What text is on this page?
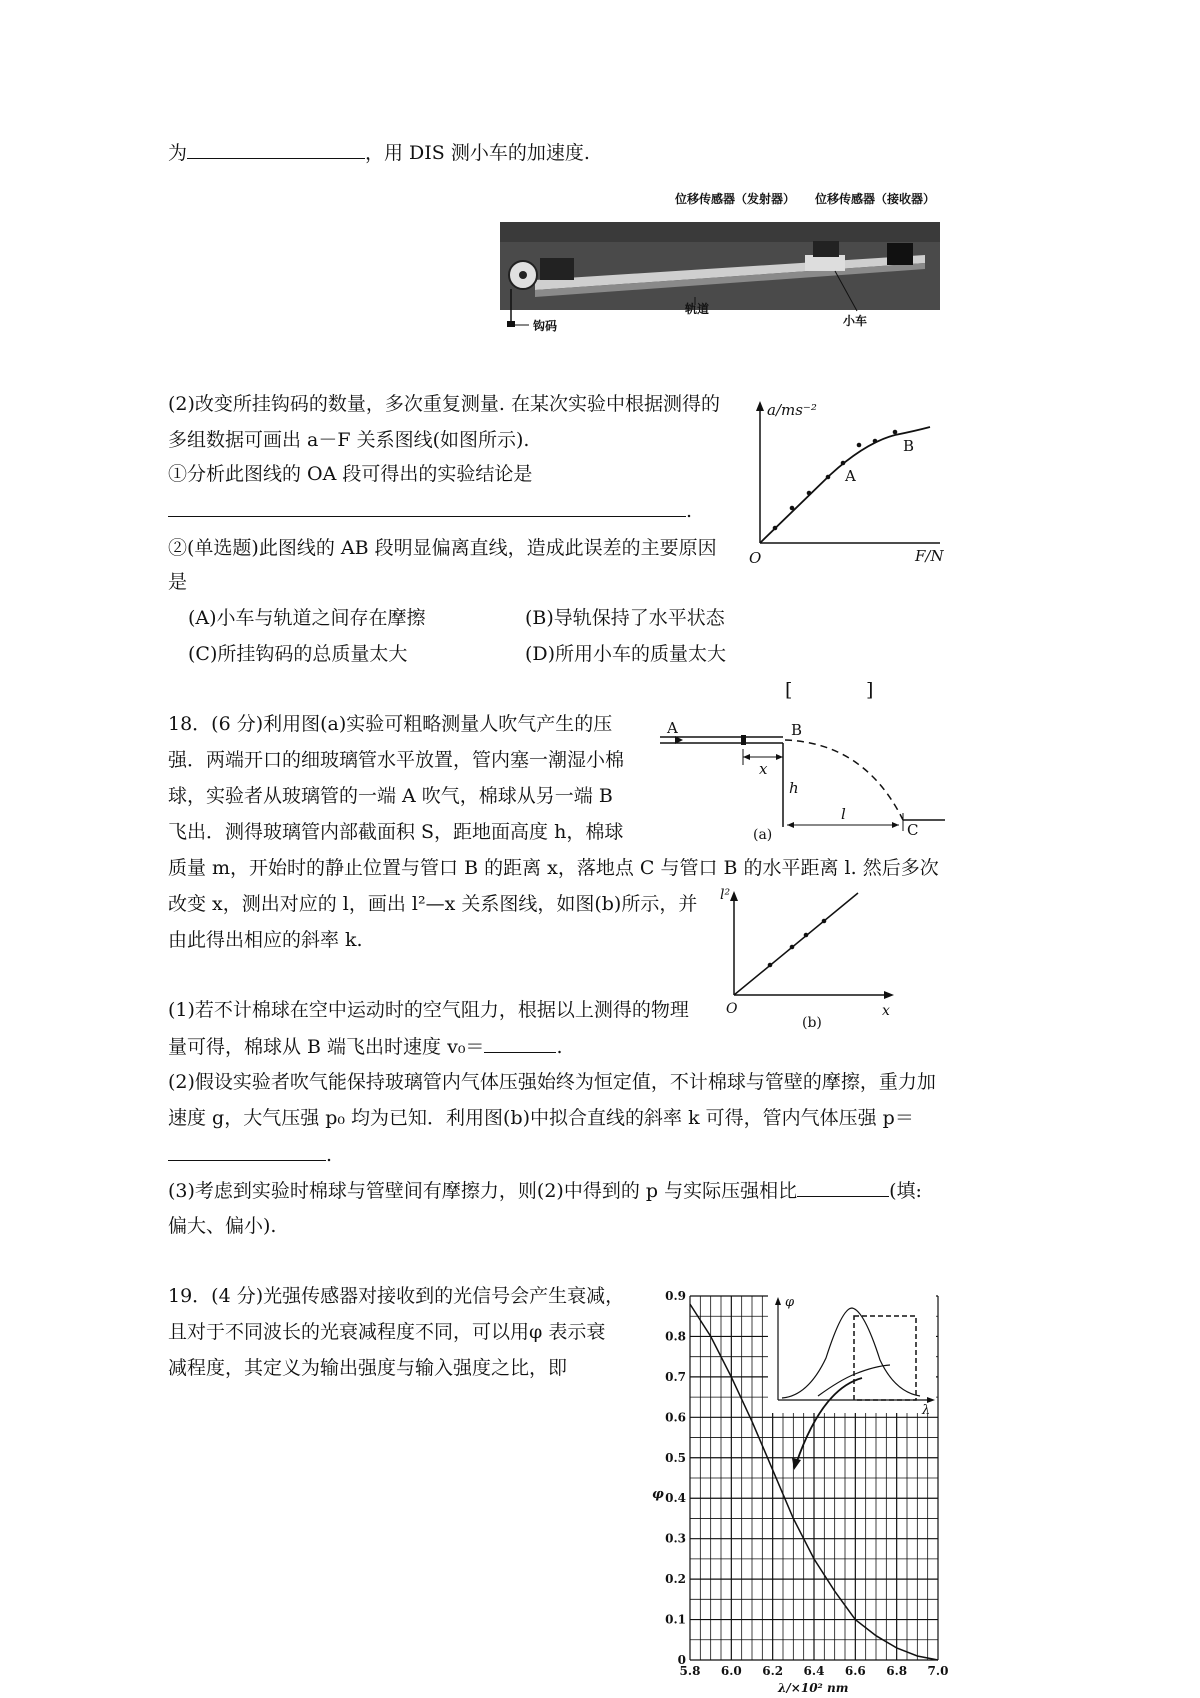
为	，用 DIS 测小车的加速度.
位移传感器（发射器） 位移传感器（接收器）
轨道
钩码	小车
(2)改变所挂钩码的数量，多次重复测量. 在某次实验中根据测得的
多组数据可画出 a－F 关系图线(如图所示).
①分析此图线的 OA 段可得出的实验结论是
.
②(单选题)此图线的 AB 段明显偏离直线，造成此误差的主要原因
是
(A)小车与轨道之间存在摩擦	(B)导轨保持了水平状态
(C)所挂钩码的总质量太大	(D)所用小车的质量太大
[	]
a/ms⁻²
F/N
O
A
B
18．(6 分)利用图(a)实验可粗略测量人吹气产生的压
强．两端开口的细玻璃管水平放置，管内塞一潮湿小棉
球，实验者从玻璃管的一端 A 吹气，棉球从另一端 B
飞出．测得玻璃管内部截面积 S，距地面高度 h，棉球
质量 m，开始时的静止位置与管口 B 的距离 x，落地点 C 与管口 B 的水平距离 l. 然后多次
改变 x，测出对应的 l，画出 l²—x 关系图线，如图(b)所示，并
由此得出相应的斜率 k.
(1)若不计棉球在空中运动时的空气阻力，根据以上测得的物理
量可得，棉球从 B 端飞出时速度 v₀＝	.
(2)假设实验者吹气能保持玻璃管内气体压强始终为恒定值，不计棉球与管壁的摩擦，重力加
速度 g，大气压强 p₀ 均为已知．利用图(b)中拟合直线的斜率 k 可得，管内气体压强 p＝
.
(3)考虑到实验时棉球与管壁间有摩擦力，则(2)中得到的 p 与实际压强相比	(填:
偏大、偏小).
A	B
C
x
h
l
(a)
l²
x
O
(b)
19．(4 分)光强传感器对接收到的光信号会产生衰减，
且对于不同波长的光衰减程度不同，可以用φ 表示衰
减程度，其定义为输出强度与输入强度之比，即
0
0.1
0.2
0.3
0.4
0.5
0.6
0.7
0.8
0.9
5.8 6.0 6.2 6.4 6.6 6.8 7.0
φ
λ
φ
λ/×10² nm
